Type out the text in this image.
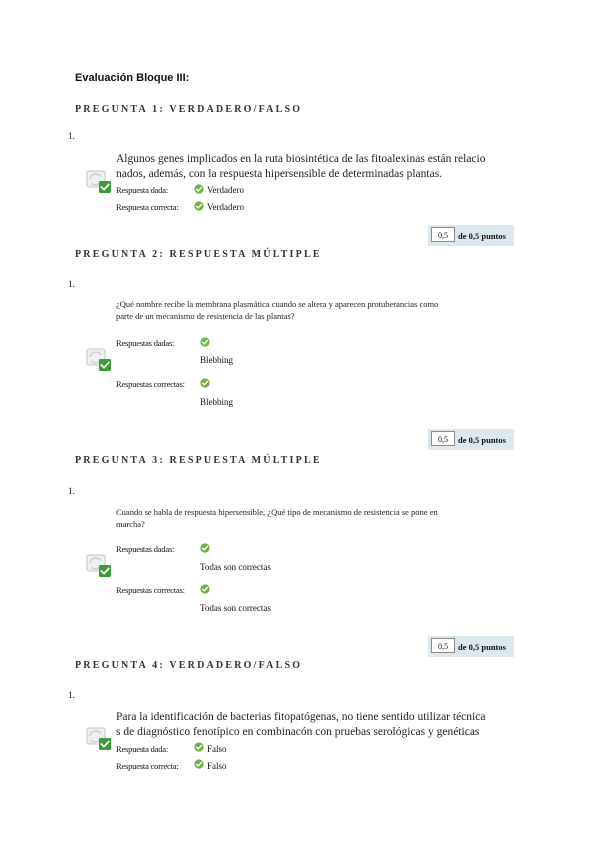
Evaluación Bloque III:
PREGUNTA 1: VERDADERO/FALSO
1.
Algunos genes implicados en la ruta biosintética de las fitoalexinas están relacio
nados, además, con la respuesta hipersensible de determinadas plantas.
Respuesta dada:	Verdadero
Respuesta correcta:	Verdadero
0,5	de 0,5 puntos
PREGUNTA 2: RESPUESTA MÚLTIPLE
1.
¿Qué nombre recibe la membrana plasmática cuando se altera y aparecen protuberancias como
parte de un mecanismo de resistencia de las plantas?
Respuestas dadas:
Blebbing
Respuestas correctas:
Blebbing
0,5	de 0,5 puntos
PREGUNTA 3: RESPUESTA MÚLTIPLE
1.
Cuando se habla de respuesta hipersensible, ¿Qué tipo de mecanismo de resistencia se pone en
marcha?
Respuestas dadas:
Todas son correctas
Respuestas correctas:
Todas son correctas
0,5	de 0,5 puntos
PREGUNTA 4: VERDADERO/FALSO
1.
Para la identificación de bacterias fitopatógenas, no tiene sentido utilizar técnica
s de diagnóstico fenotípico en combinacón con pruebas serológicas y genéticas
Respuesta dada:	Falso
Respuesta correcta:	Falso
